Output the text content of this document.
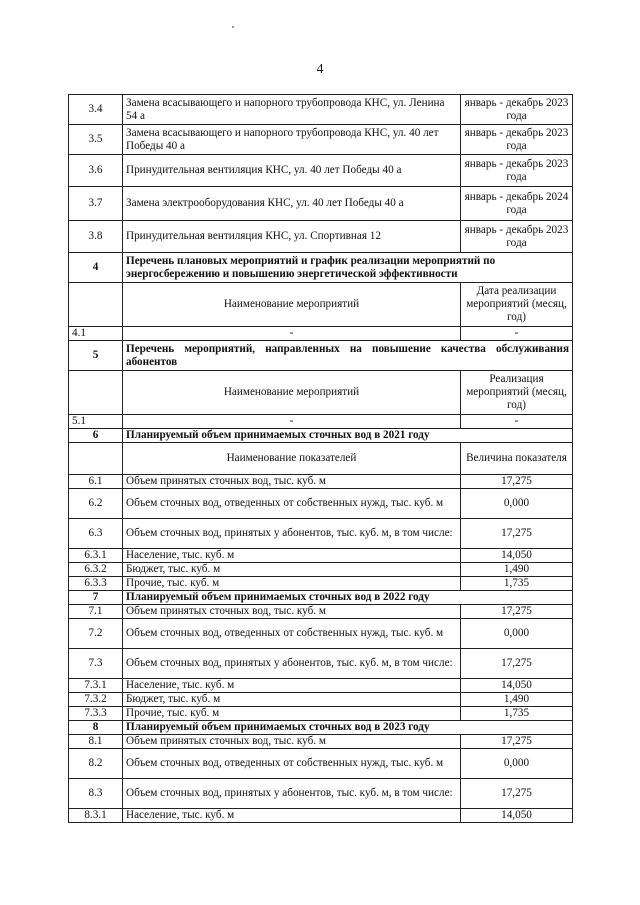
4
3.4	Замена всасывающего и напорного трубопровода КНС, ул. Ленина 54 а	январь - декабрь 2023 года
3.5	Замена всасывающего и напорного трубопровода КНС, ул. 40 лет Победы 40 а	январь - декабрь 2023 года
3.6	Принудительная вентиляция КНС, ул. 40 лет Победы 40 а	январь - декабрь 2023 года
3.7	Замена электрооборудования КНС, ул. 40 лет Победы 40 а	январь - декабрь 2024 года
3.8	Принудительная вентиляция КНС, ул. Спортивная 12	январь - декабрь 2023 года
4	Перечень плановых мероприятий и график реализации мероприятий по энергосбережению и повышению энергетической эффективности	
	Наименование мероприятий	Дата реализации мероприятий (месяц, год)
4.1	-	-
5	Перечень мероприятий, направленных на повышение качества обслуживания абонентов	
	Наименование мероприятий	Реализация мероприятий (месяц, год)
5.1	-	-
6	Планируемый объем принимаемых сточных вод в 2021 году	
	Наименование показателей	Величина показателя
6.1	Объем принятых сточных вод, тыс. куб. м	17,275
6.2	Объем сточных вод, отведенных от собственных нужд, тыс. куб. м	0,000
6.3	Объем сточных вод, принятых у абонентов, тыс. куб. м, в том числе:	17,275
6.3.1	Население, тыс. куб. м	14,050
6.3.2	Бюджет, тыс. куб. м	1,490
6.3.3	Прочие, тыс. куб. м	1,735
7	Планируемый объем принимаемых сточных вод в 2022 году	
7.1	Объем принятых сточных вод, тыс. куб. м	17,275
7.2	Объем сточных вод, отведенных от собственных нужд, тыс. куб. м	0,000
7.3	Объем сточных вод, принятых у абонентов, тыс. куб. м, в том числе:	17,275
7.3.1	Население, тыс. куб. м	14,050
7.3.2	Бюджет, тыс. куб. м	1,490
7.3.3	Прочие, тыс. куб. м	1,735
8	Планируемый объем принимаемых сточных вод в 2023 году	
8.1	Объем принятых сточных вод, тыс. куб. м	17,275
8.2	Объем сточных вод, отведенных от собственных нужд, тыс. куб. м	0,000
8.3	Объем сточных вод, принятых у абонентов, тыс. куб. м, в том числе:	17,275
8.3.1	Население, тыс. куб. м	14,050
